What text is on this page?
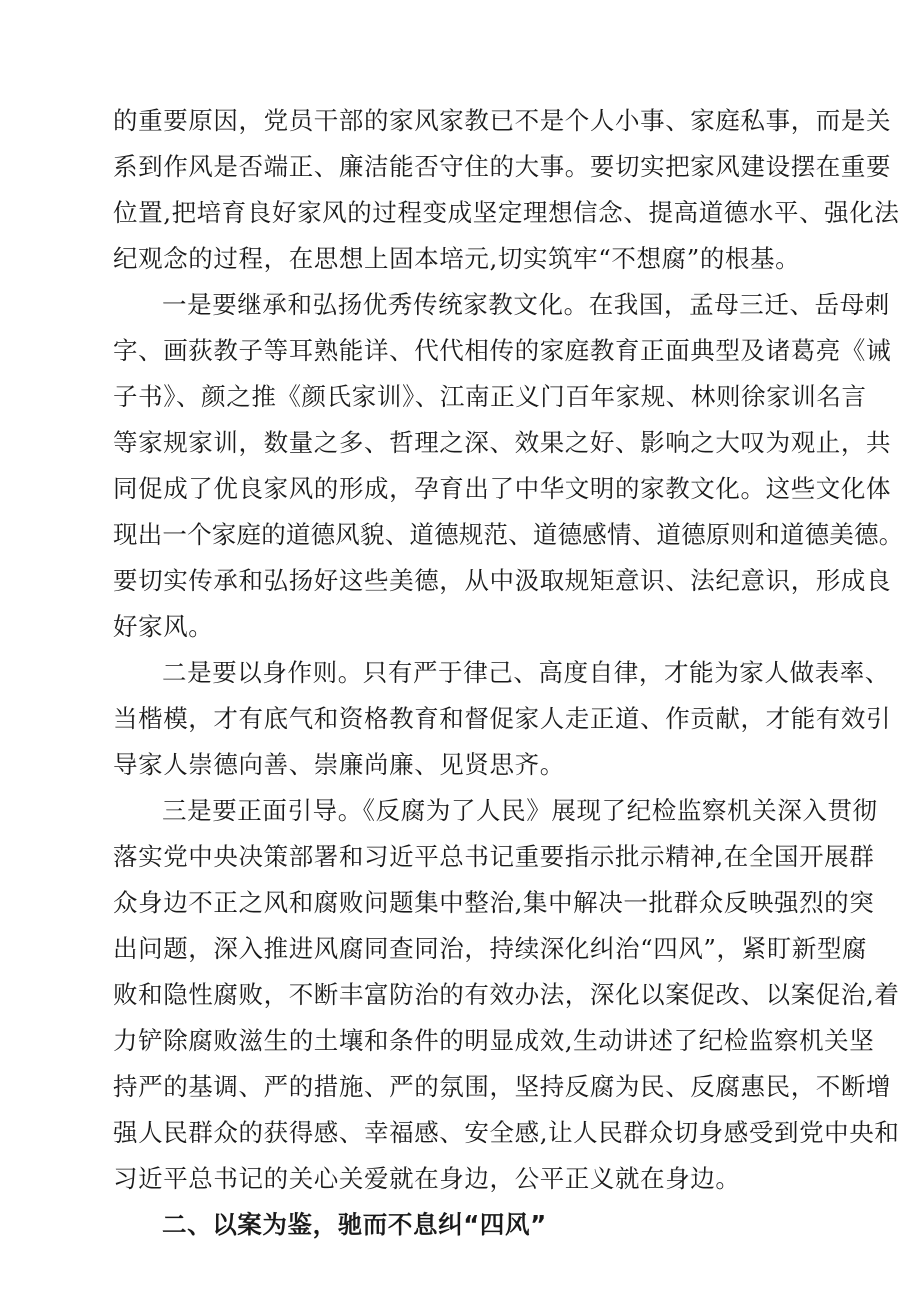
的重要原因，党员干部的家风家教已不是个人小事、家庭私事，而是关
系到作风是否端正、廉洁能否守住的大事。要切实把家风建设摆在重要
位置,把培育良好家风的过程变成坚定理想信念、提高道德水平、强化法
纪观念的过程，在思想上固本培元,切实筑牢“不想腐”的根基。
一是要继承和弘扬优秀传统家教文化。在我国，孟母三迁、岳母刺
字、画荻教子等耳熟能详、代代相传的家庭教育正面典型及诸葛亮《诫
子书》、颜之推《颜氏家训》、江南正义门百年家规、林则徐家训名言
等家规家训，数量之多、哲理之深、效果之好、影响之大叹为观止，共
同促成了优良家风的形成，孕育出了中华文明的家教文化。这些文化体
现出一个家庭的道德风貌、道德规范、道德感情、道德原则和道德美德。
要切实传承和弘扬好这些美德，从中汲取规矩意识、法纪意识，形成良
好家风。
二是要以身作则。只有严于律己、高度自律，才能为家人做表率、
当楷模，才有底气和资格教育和督促家人走正道、作贡献，才能有效引
导家人崇德向善、崇廉尚廉、见贤思齐。
三是要正面引导。《反腐为了人民》展现了纪检监察机关深入贯彻
落实党中央决策部署和习近平总书记重要指示批示精神,在全国开展群
众身边不正之风和腐败问题集中整治,集中解决一批群众反映强烈的突
出问题，深入推进风腐同查同治，持续深化纠治“四风”，紧盯新型腐
败和隐性腐败，不断丰富防治的有效办法，深化以案促改、以案促治,着
力铲除腐败滋生的土壤和条件的明显成效,生动讲述了纪检监察机关坚
持严的基调、严的措施、严的氛围，坚持反腐为民、反腐惠民，不断增
强人民群众的获得感、幸福感、安全感,让人民群众切身感受到党中央和
习近平总书记的关心关爱就在身边，公平正义就在身边。
二、以案为鉴，驰而不息纠“四风”
